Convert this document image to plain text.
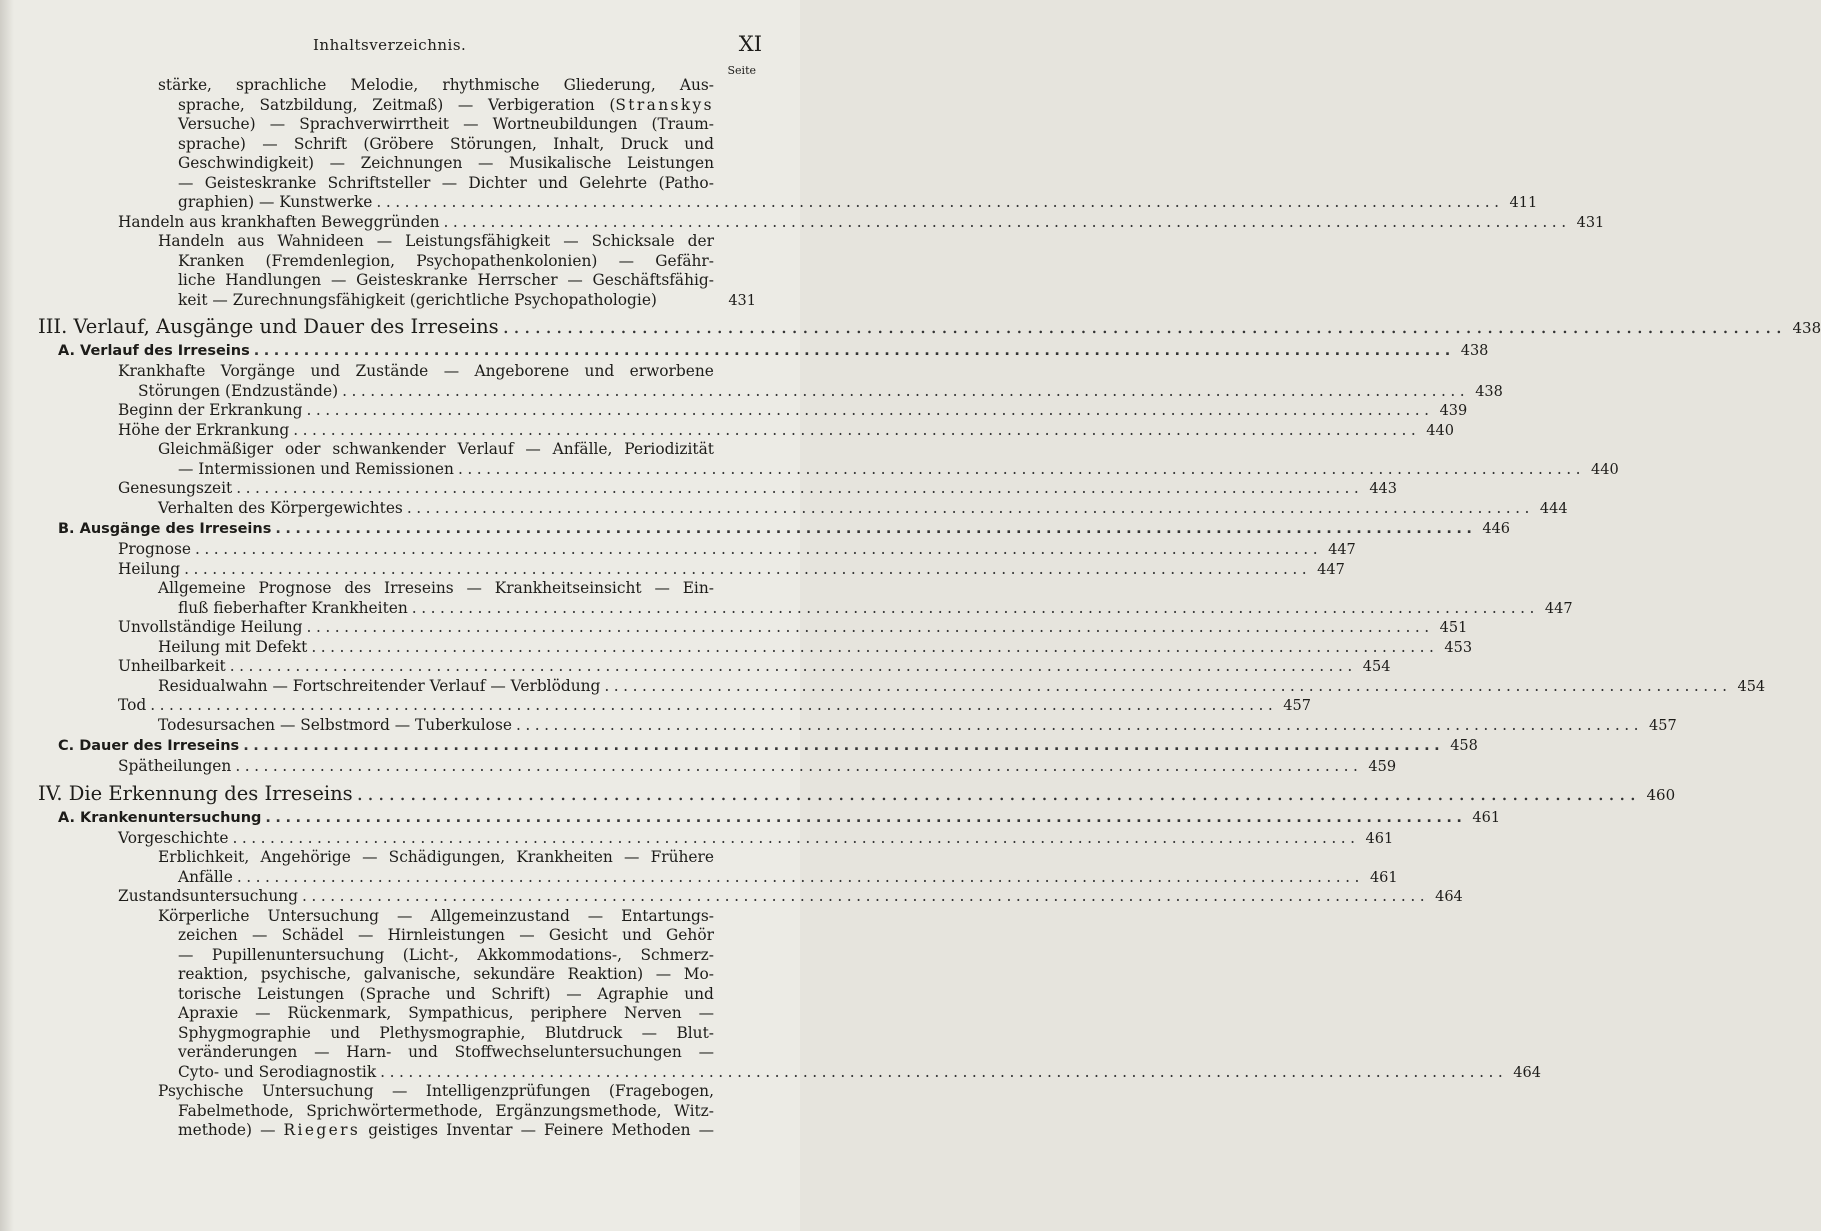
Inhaltsverzeichnis.	XI
Seite
stärke, sprachliche Melodie, rhythmische Gliederung, Aus-
sprache, Satzbildung, Zeitmaß) — Verbigeration (Stranskys
Versuche) — Sprachverwirrtheit — Wortneubildungen (Traum-
sprache) — Schrift (Gröbere Störungen, Inhalt, Druck und
Geschwindigkeit) — Zeichnungen — Musikalische Leistungen
— Geisteskranke Schriftsteller — Dichter und Gelehrte (Patho-
graphien) — Kunstwerke ........................................................................................................................ 411
Handeln aus krankhaften Beweggründen ........................................................................................................................ 431
Handeln aus Wahnideen — Leistungsfähigkeit — Schicksale der
Kranken (Fremdenlegion, Psychopathenkolonien) — Gefähr-
liche Handlungen — Geisteskranke Herrscher — Geschäftsfähig-
keit — Zurechnungsfähigkeit (gerichtliche Psychopathologie)	431
III. Verlauf, Ausgänge und Dauer des Irreseins ........................................................................................................................ 438
A. Verlauf des Irreseins ........................................................................................................................ 438
Krankhafte Vorgänge und Zustände — Angeborene und erworbene
Störungen (Endzustände) ........................................................................................................................ 438
Beginn der Erkrankung ........................................................................................................................ 439
Höhe der Erkrankung ........................................................................................................................ 440
Gleichmäßiger oder schwankender Verlauf — Anfälle, Periodizität
— Intermissionen und Remissionen ........................................................................................................................ 440
Genesungszeit ........................................................................................................................ 443
Verhalten des Körpergewichtes ........................................................................................................................ 444
B. Ausgänge des Irreseins ........................................................................................................................ 446
Prognose ........................................................................................................................ 447
Heilung ........................................................................................................................ 447
Allgemeine Prognose des Irreseins — Krankheitseinsicht — Ein-
fluß fieberhafter Krankheiten ........................................................................................................................ 447
Unvollständige Heilung ........................................................................................................................ 451
Heilung mit Defekt ........................................................................................................................ 453
Unheilbarkeit ........................................................................................................................ 454
Residualwahn — Fortschreitender Verlauf — Verblödung ........................................................................................................................ 454
Tod ........................................................................................................................ 457
Todesursachen — Selbstmord — Tuberkulose ........................................................................................................................ 457
C. Dauer des Irreseins ........................................................................................................................ 458
Spätheilungen ........................................................................................................................ 459
IV. Die Erkennung des Irreseins ........................................................................................................................ 460
A. Krankenuntersuchung ........................................................................................................................ 461
Vorgeschichte ........................................................................................................................ 461
Erblichkeit, Angehörige — Schädigungen, Krankheiten — Frühere
Anfälle ........................................................................................................................ 461
Zustandsuntersuchung ........................................................................................................................ 464
Körperliche Untersuchung — Allgemeinzustand — Entartungs-
zeichen — Schädel — Hirnleistungen — Gesicht und Gehör
— Pupillenuntersuchung (Licht-, Akkommodations-, Schmerz-
reaktion, psychische, galvanische, sekundäre Reaktion) — Mo-
torische Leistungen (Sprache und Schrift) — Agraphie und
Apraxie — Rückenmark, Sympathicus, periphere Nerven —
Sphygmographie und Plethysmographie, Blutdruck — Blut-
veränderungen — Harn- und Stoffwechseluntersuchungen —
Cyto- und Serodiagnostik ........................................................................................................................ 464
Psychische Untersuchung — Intelligenzprüfungen (Fragebogen,
Fabelmethode, Sprichwörtermethode, Ergänzungsmethode, Witz-
methode) — Riegers geistiges Inventar — Feinere Methoden —
